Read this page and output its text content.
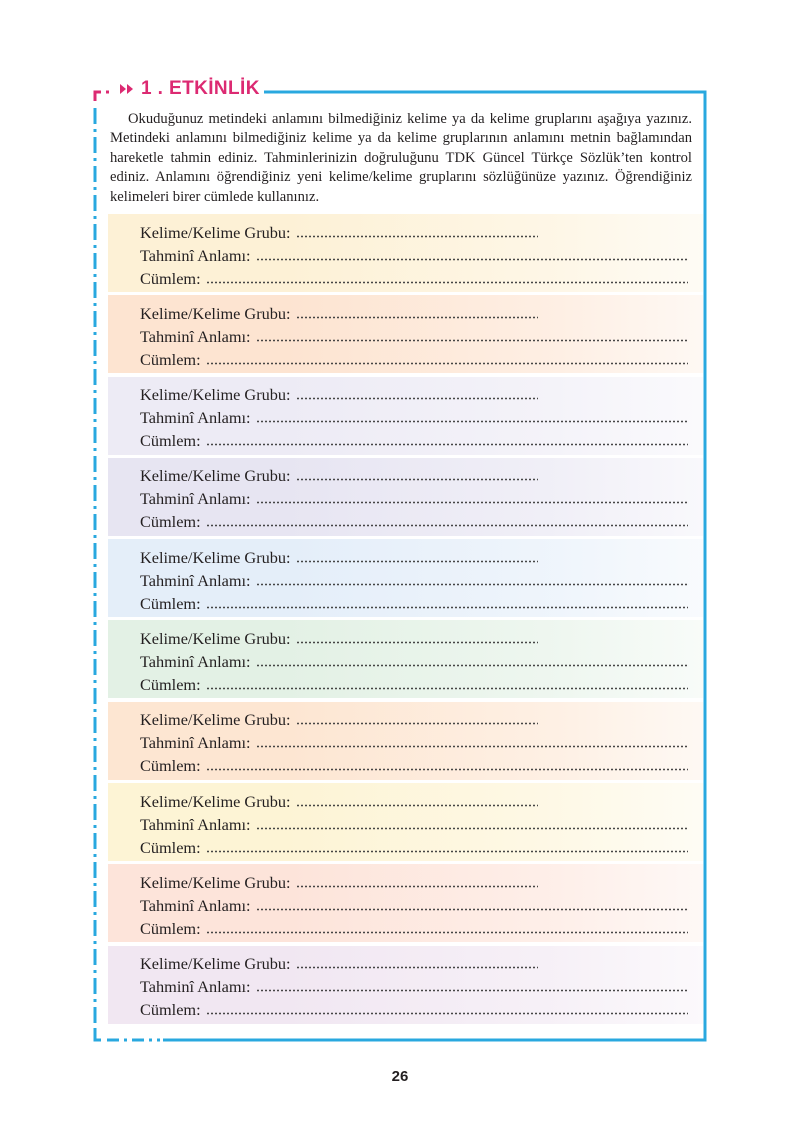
1 . ETKİNLİK
Okuduğunuz metindeki anlamını bilmediğiniz kelime ya da kelime gruplarını aşağıya yazınız.
Metindeki anlamını bilmediğiniz kelime ya da kelime gruplarının anlamını metnin bağlamından
hareketle tahmin ediniz. Tahminlerinizin doğruluğunu TDK Güncel Türkçe Sözlük’ten kontrol
ediniz. Anlamını öğrendiğiniz yeni kelime/kelime gruplarını sözlüğünüze yazınız. Öğrendiğiniz
kelimeleri birer cümlede kullanınız.
Kelime/Kelime Grubu:
Tahminî Anlamı:
Cümlem:
Kelime/Kelime Grubu:
Tahminî Anlamı:
Cümlem:
Kelime/Kelime Grubu:
Tahminî Anlamı:
Cümlem:
Kelime/Kelime Grubu:
Tahminî Anlamı:
Cümlem:
Kelime/Kelime Grubu:
Tahminî Anlamı:
Cümlem:
Kelime/Kelime Grubu:
Tahminî Anlamı:
Cümlem:
Kelime/Kelime Grubu:
Tahminî Anlamı:
Cümlem:
Kelime/Kelime Grubu:
Tahminî Anlamı:
Cümlem:
Kelime/Kelime Grubu:
Tahminî Anlamı:
Cümlem:
Kelime/Kelime Grubu:
Tahminî Anlamı:
Cümlem:
26
